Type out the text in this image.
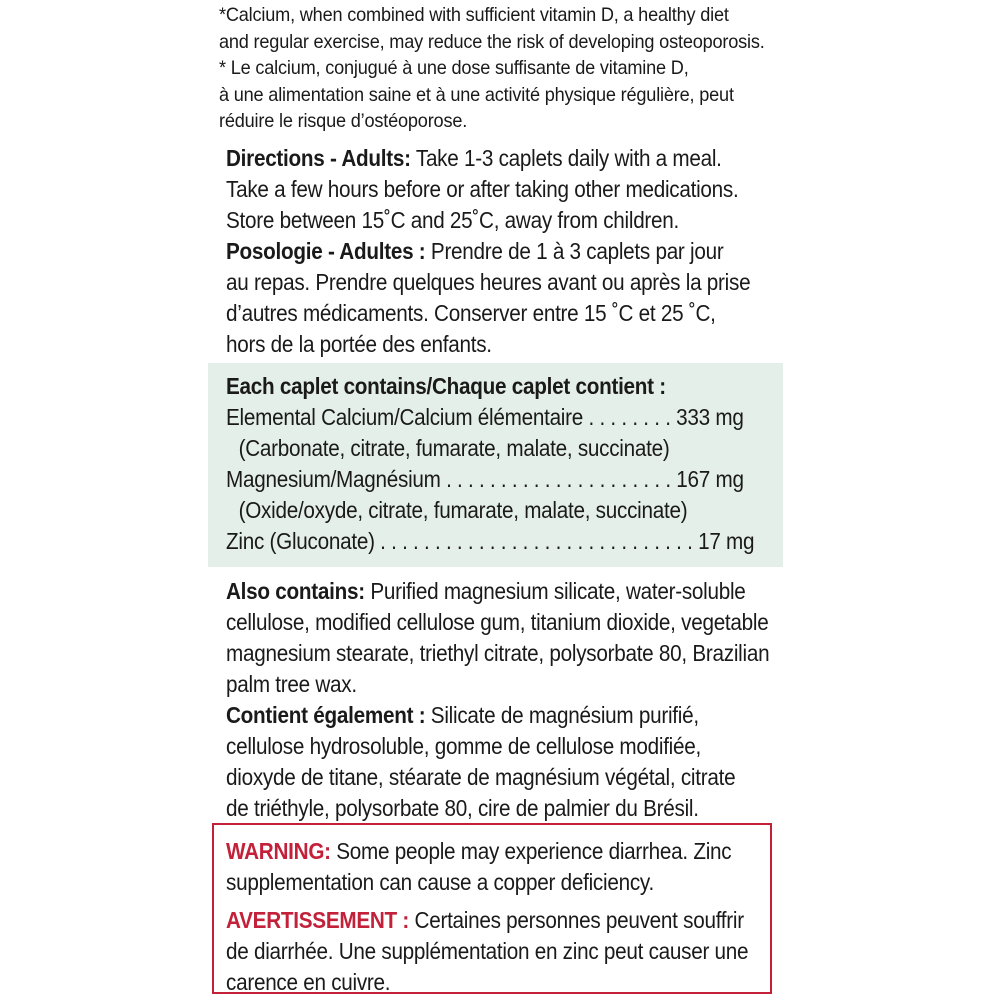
*Calcium, when combined with sufficient vitamin D, a healthy diet

and regular exercise, may reduce the risk of developing osteoporosis.

* Le calcium, conjugué à une dose suffisante de vitamine D,

à une alimentation saine et à une activité physique régulière, peut

réduire le risque d’ostéoporose.

Directions - Adults: Take 1-3 caplets daily with a meal.

Take a few hours before or after taking other medications.

Store between 15˚C and 25˚C, away from children.

Posologie - Adultes : Prendre de 1 à 3 caplets par jour

au repas. Prendre quelques heures avant ou après la prise

d’autres médicaments. Conserver entre 15 ˚C et 25 ˚C,

hors de la portée des enfants.

Each caplet contains/Chaque caplet contient :
Elemental Calcium/Calcium élémentaire . . . . . . . . 333 mg
(Carbonate, citrate, fumarate, malate, succinate)
Magnesium/Magnésium . . . . . . . . . . . . . . . . . . . . . 167 mg
(Oxide/oxyde, citrate, fumarate, malate, succinate)
Zinc (Gluconate) . . . . . . . . . . . . . . . . . . . . . . . . . . . . . 17 mg

Also contains: Purified magnesium silicate, water-soluble

cellulose, modified cellulose gum, titanium dioxide, vegetable

magnesium stearate, triethyl citrate, polysorbate 80, Brazilian

palm tree wax.

Contient également : Silicate de magnésium purifié,

cellulose hydrosoluble, gomme de cellulose modifiée,

dioxyde de titane, stéarate de magnésium végétal, citrate

de triéthyle, polysorbate 80, cire de palmier du Brésil.

WARNING: Some people may experience diarrhea. Zinc

supplementation can cause a copper deficiency.

AVERTISSEMENT : Certaines personnes peuvent souffrir

de diarrhée. Une supplémentation en zinc peut causer une

carence en cuivre.
